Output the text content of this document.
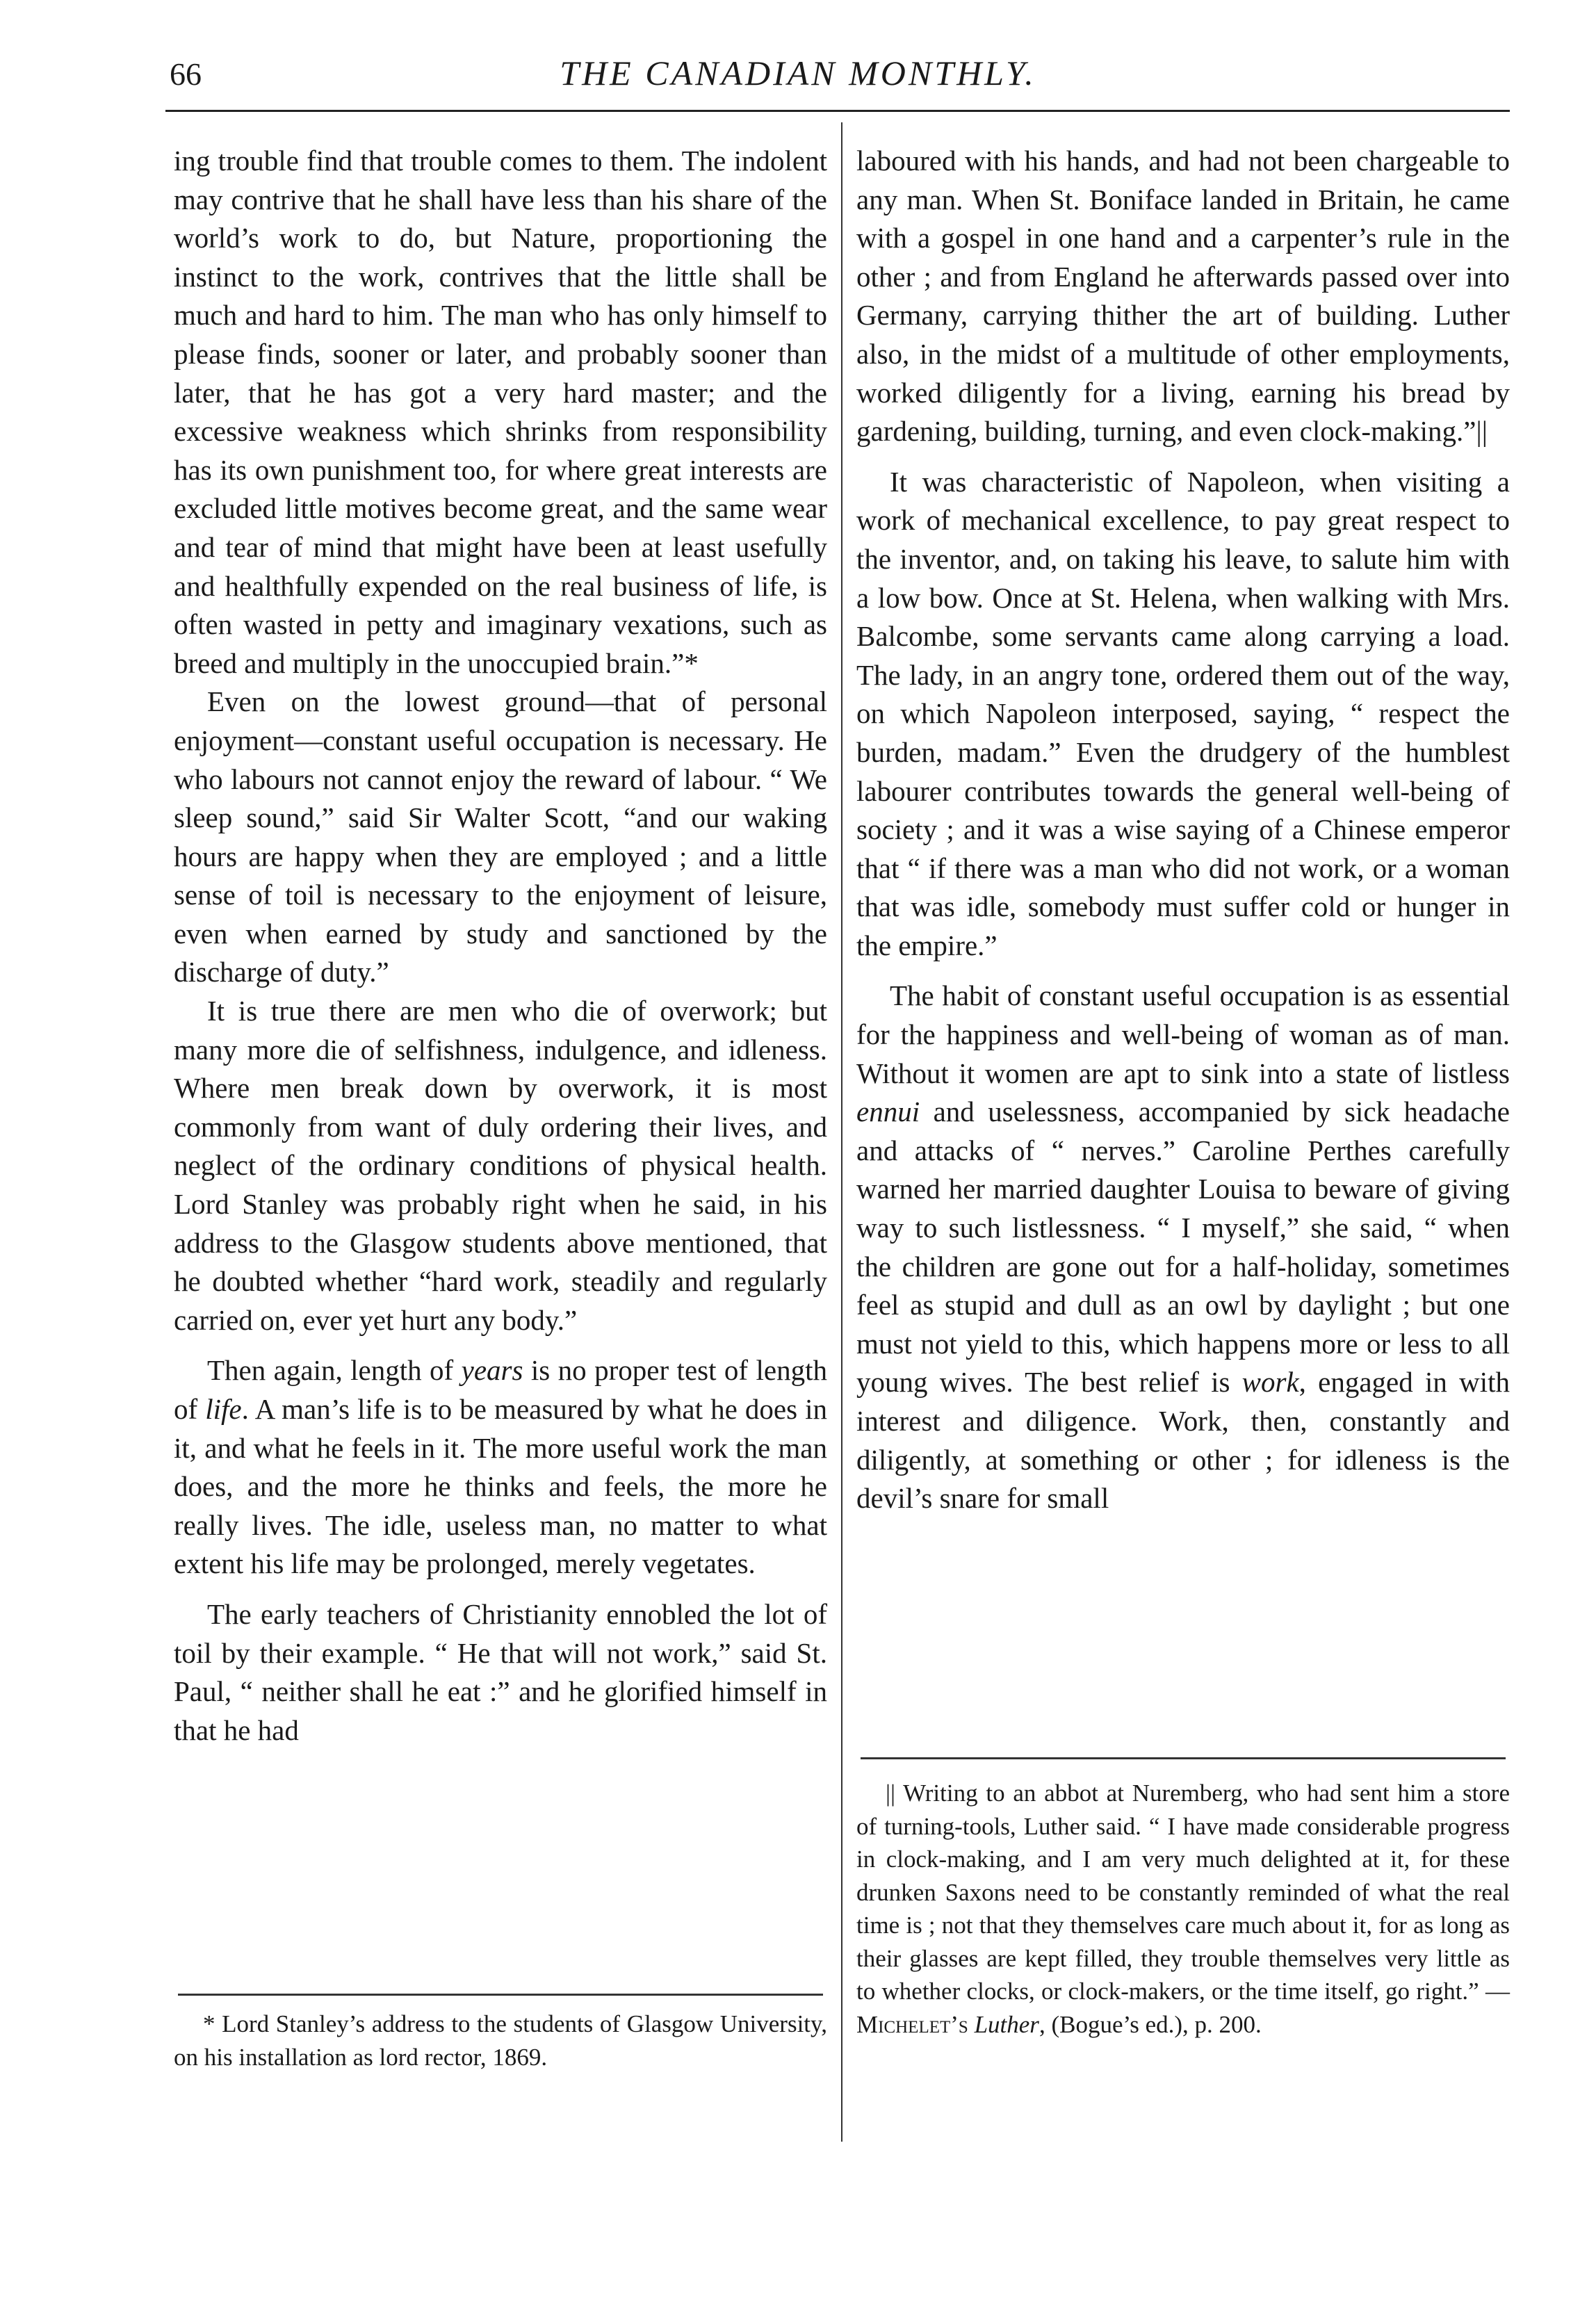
66	THE CANADIAN MONTHLY.

ing trouble find that trouble comes to them. The indolent may contrive that he shall have less than his share of the world’s work to do, but Nature, proportioning the instinct to the work, contrives that the little shall be much and hard to him. The man who has only himself to please finds, sooner or later, and probably sooner than later, that he has got a very hard master; and the excessive weakness which shrinks from responsibility has its own punishment too, for where great interests are excluded little motives become great, and the same wear and tear of mind that might have been at least usefully and healthfully expended on the real business of life, is often wasted in petty and imaginary vexations, such as breed and multiply in the unoccupied brain.”*

Even on the lowest ground—that of personal enjoyment—constant useful occupation is necessary. He who labours not cannot enjoy the reward of labour. “ We sleep sound,” said Sir Walter Scott, “and our waking hours are happy when they are employed ; and a little sense of toil is necessary to the enjoyment of leisure, even when earned by study and sanctioned by the discharge of duty.”

It is true there are men who die of overwork; but many more die of selfishness, indulgence, and idleness. Where men break down by overwork, it is most commonly from want of duly ordering their lives, and neglect of the ordinary conditions of physical health. Lord Stanley was probably right when he said, in his address to the Glasgow students above mentioned, that he doubted whether “hard work, steadily and regularly carried on, ever yet hurt any body.”

Then again, length of years is no proper test of length of life. A man’s life is to be measured by what he does in it, and what he feels in it. The more useful work the man does, and the more he thinks and feels, the more he really lives. The idle, useless man, no matter to what extent his life may be prolonged, merely vegetates.

The early teachers of Christianity ennobled the lot of toil by their example. “ He that will not work,” said St. Paul, “ neither shall he eat :” and he glorified himself in that he had

* Lord Stanley’s address to the students of Glasgow University, on his installation as lord rector, 1869.

laboured with his hands, and had not been chargeable to any man. When St. Boniface landed in Britain, he came with a gospel in one hand and a carpenter’s rule in the other ; and from England he afterwards passed over into Germany, carrying thither the art of building. Luther also, in the midst of a multitude of other employments, worked diligently for a living, earning his bread by gardening, building, turning, and even clock-making.”||

It was characteristic of Napoleon, when visiting a work of mechanical excellence, to pay great respect to the inventor, and, on taking his leave, to salute him with a low bow. Once at St. Helena, when walking with Mrs. Balcombe, some servants came along carrying a load. The lady, in an angry tone, ordered them out of the way, on which Napoleon interposed, saying, “ respect the burden, madam.” Even the drudgery of the humblest labourer contributes towards the general well-being of society ; and it was a wise saying of a Chinese emperor that “ if there was a man who did not work, or a woman that was idle, somebody must suffer cold or hunger in the empire.”

The habit of constant useful occupation is as essential for the happiness and well-being of woman as of man. Without it women are apt to sink into a state of listless ennui and uselessness, accompanied by sick headache and attacks of “ nerves.” Caroline Perthes carefully warned her married daughter Louisa to beware of giving way to such listlessness. “ I myself,” she said, “ when the children are gone out for a half-holiday, sometimes feel as stupid and dull as an owl by daylight ; but one must not yield to this, which happens more or less to all young wives. The best relief is work, engaged in with interest and diligence. Work, then, constantly and diligently, at something or other ; for idleness is the devil’s snare for small

|| Writing to an abbot at Nuremberg, who had sent him a store of turning-tools, Luther said. “ I have made considerable progress in clock-making, and I am very much delighted at it, for these drunken Saxons need to be constantly reminded of what the real time is ; not that they themselves care much about it, for as long as their glasses are kept filled, they trouble themselves very little as to whether clocks, or clock-makers, or the time itself, go right.” —Michelet’s Luther, (Bogue’s ed.), p. 200.
